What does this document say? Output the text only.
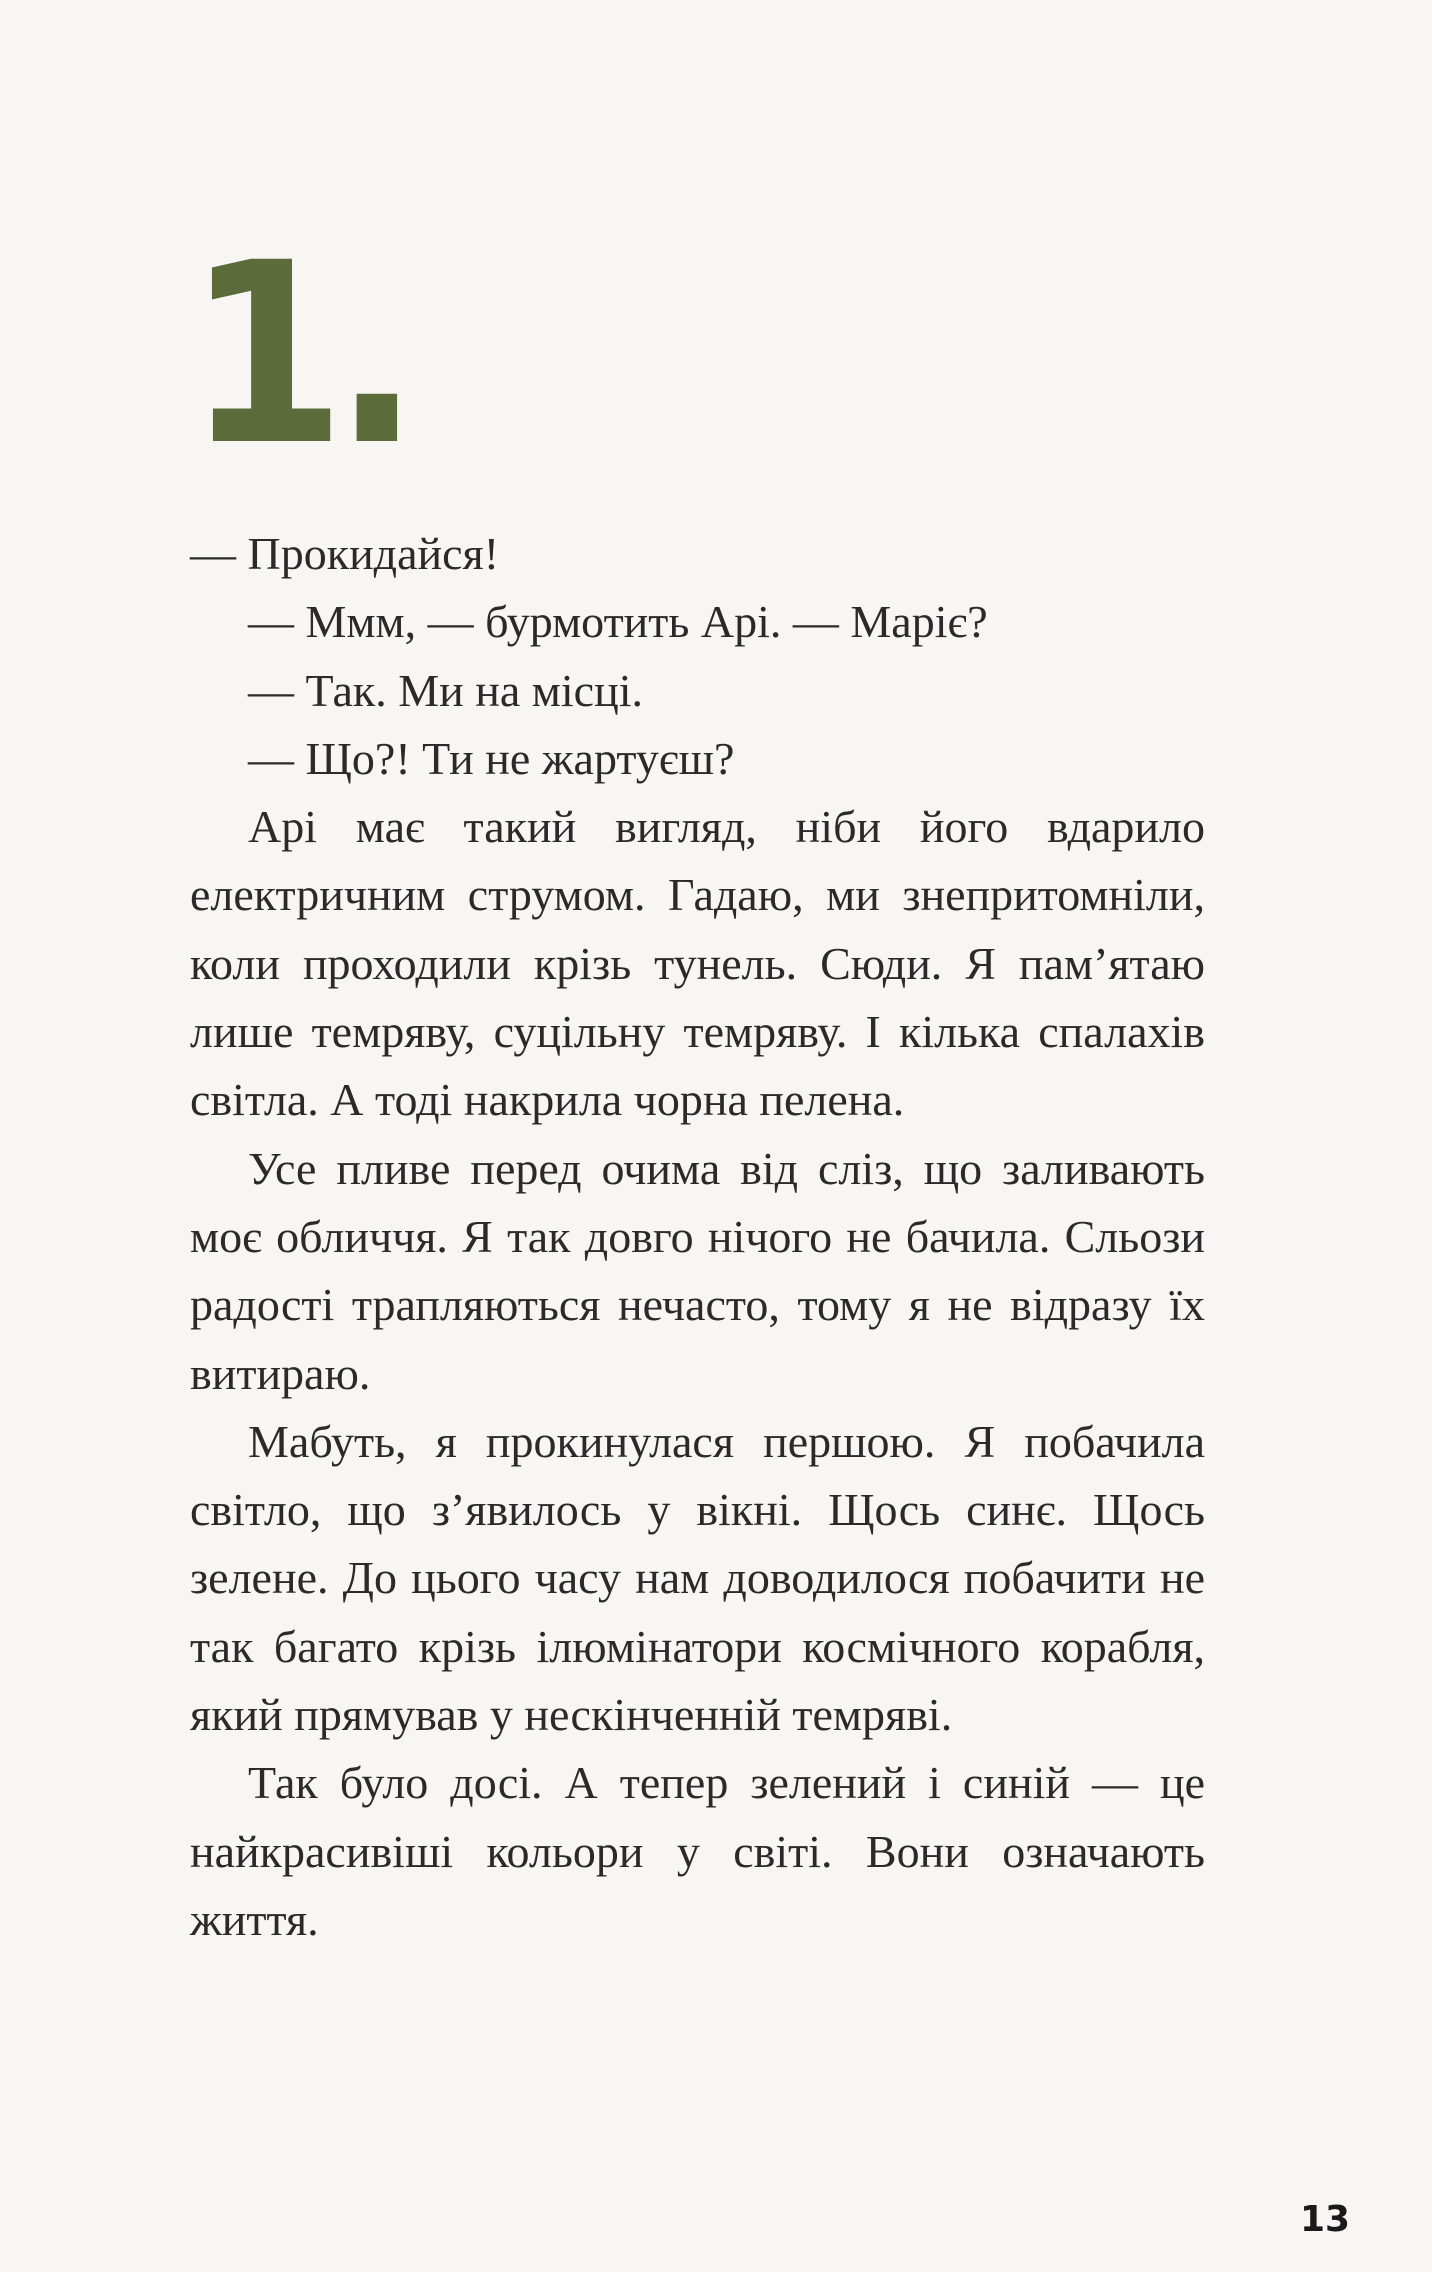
1.

— Прокидайся!

— Ммм, — бурмотить Арі. — Марiє?

— Так. Ми на місці.

— Що?! Ти не жартуєш?

Арі має такий вигляд, ніби його вдарило електричним струмом. Гадаю, ми знепритомніли, коли проходили крізь тунель. Сюди. Я пам’ятаю лише темряву, суцільну темряву. І кілька спалахів світла. А тоді накрила чорна пелена.

Усе пливе перед очима від сліз, що заливають моє обличчя. Я так довго нічого не бачила. Сльози радості трапляються нечасто, тому я не відразу їх витираю.

Мабуть, я прокинулася першою. Я побачила світло, що з’явилось у вікні. Щось синє. Щось зелене. До цього часу нам доводилося побачити не так багато крізь ілюмінатори космічного корабля, який прямував у нескінченній темряві.

Так було досі. А тепер зелений і синій — це найкрасивіші кольори у світі. Вони означають життя.

13
